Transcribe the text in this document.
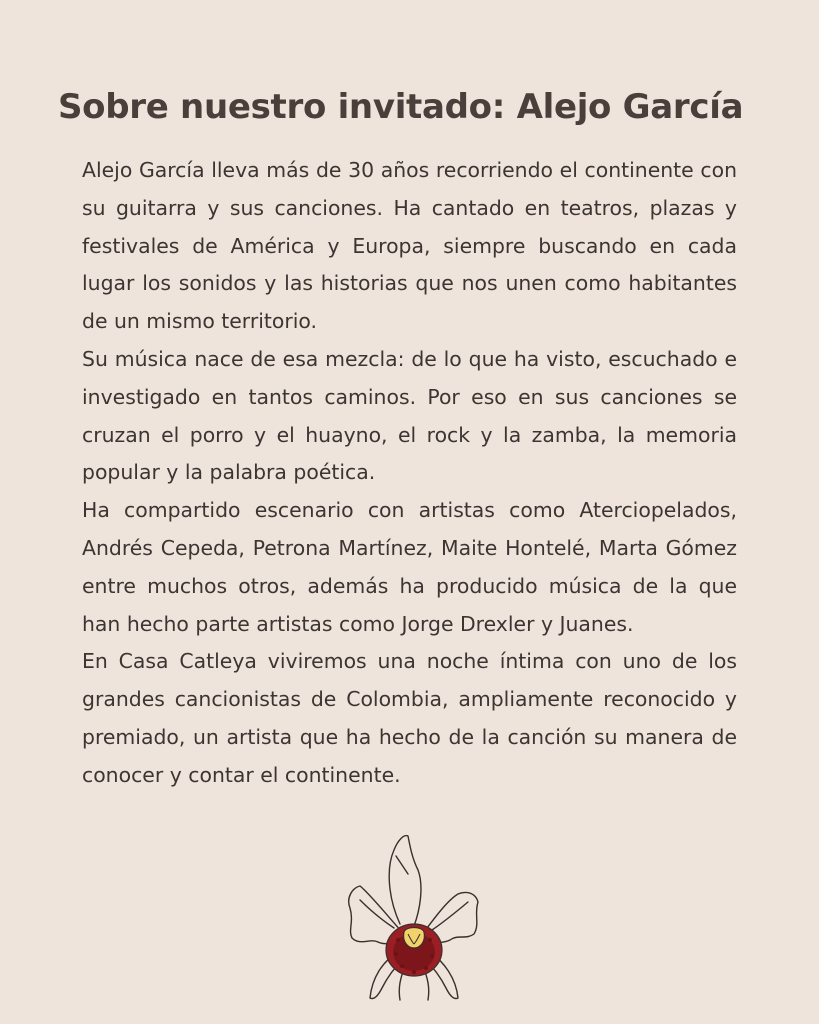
Sobre nuestro invitado: Alejo García

Alejo García lleva más de 30 años recorriendo el continente con su guitarra y sus canciones. Ha cantado en teatros, plazas y festivales de América y Europa, siempre buscando en cada lugar los sonidos y las historias que nos unen como habitantes de un mismo territorio.

Su música nace de esa mezcla: de lo que ha visto, escuchado e investigado en tantos caminos. Por eso en sus canciones se cruzan el porro y el huayno, el rock y la zamba, la memoria popular y la palabra poética.

Ha compartido escenario con artistas como Aterciopelados, Andrés Cepeda, Petrona Martínez, Maite Hontelé, Marta Gómez entre muchos otros, además ha producido música de la que han hecho parte artistas como Jorge Drexler y Juanes.

En Casa Catleya viviremos una noche íntima con uno de los grandes cancionistas de Colombia, ampliamente reconocido y premiado, un artista que ha hecho de la canción su manera de conocer y contar el continente.
